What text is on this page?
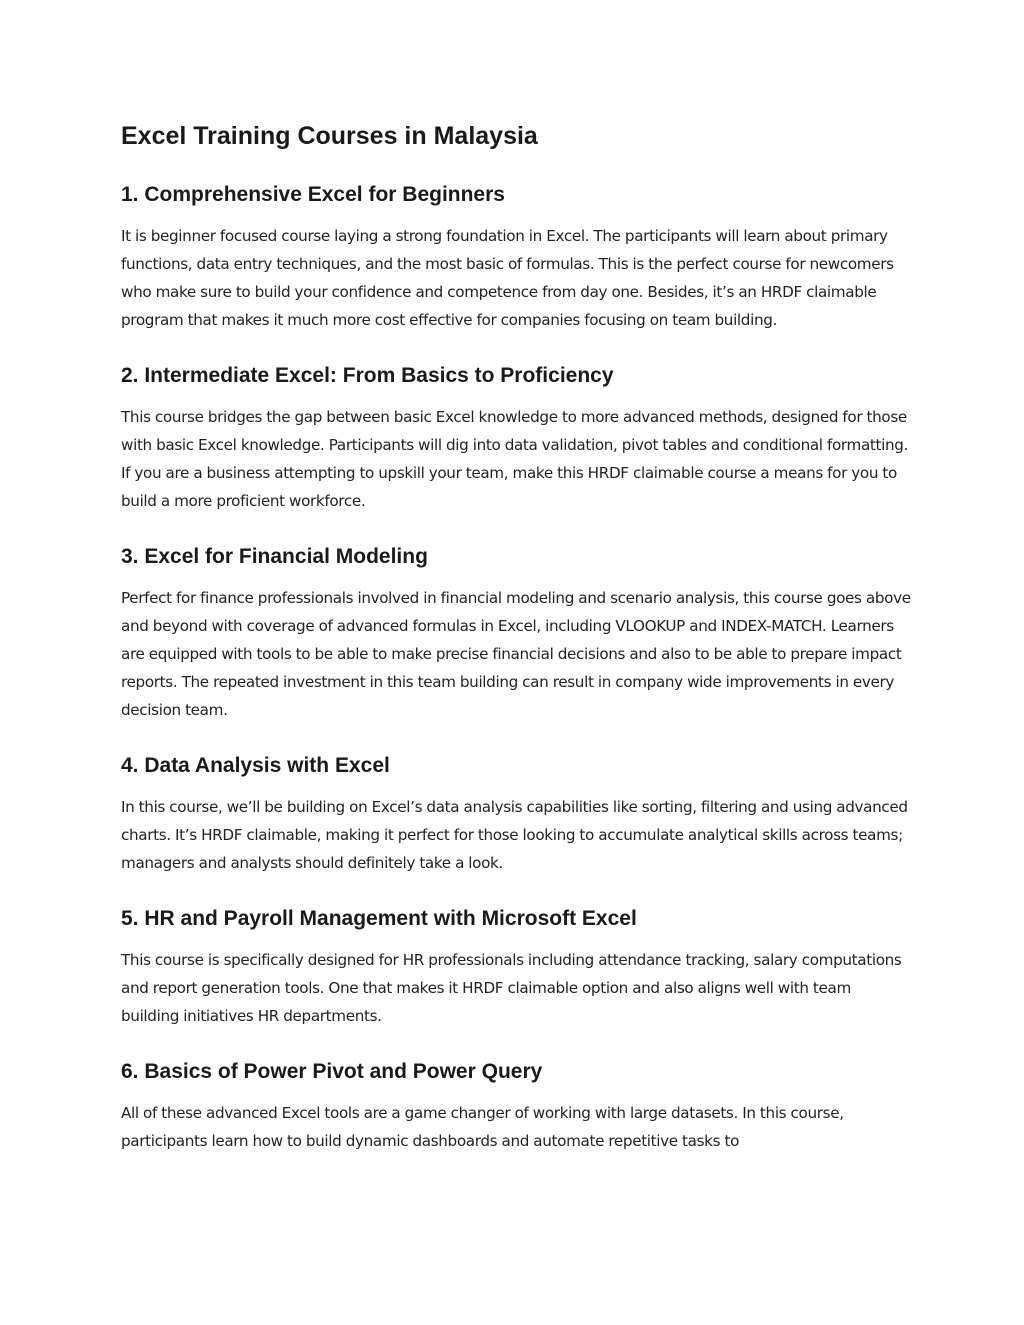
Excel Training Courses in Malaysia
1. Comprehensive Excel for Beginners

It is beginner focused course laying a strong foundation in Excel. The participants will learn about primary functions, data entry techniques, and the most basic of formulas. This is the perfect course for newcomers who make sure to build your confidence and competence from day one. Besides, it’s an HRDF claimable program that makes it much more cost effective for companies focusing on team building.

2. Intermediate Excel: From Basics to Proficiency

This course bridges the gap between basic Excel knowledge to more advanced methods, designed for those with basic Excel knowledge. Participants will dig into data validation, pivot tables and conditional formatting. If you are a business attempting to upskill your team, make this HRDF claimable course a means for you to build a more proficient workforce.

3. Excel for Financial Modeling

Perfect for finance professionals involved in financial modeling and scenario analysis, this course goes above and beyond with coverage of advanced formulas in Excel, including VLOOKUP and INDEX-MATCH. Learners are equipped with tools to be able to make precise financial decisions and also to be able to prepare impact reports. The repeated investment in this team building can result in company wide improvements in every decision team.

4. Data Analysis with Excel

In this course, we’ll be building on Excel’s data analysis capabilities like sorting, filtering and using advanced charts. It’s HRDF claimable, making it perfect for those looking to accumulate analytical skills across teams; managers and analysts should definitely take a look.

5. HR and Payroll Management with Microsoft Excel

This course is specifically designed for HR professionals including attendance tracking, salary computations and report generation tools. One that makes it HRDF claimable option and also aligns well with team building initiatives HR departments.

6. Basics of Power Pivot and Power Query

All of these advanced Excel tools are a game changer of working with large datasets. In this course, participants learn how to build dynamic dashboards and automate repetitive tasks to
